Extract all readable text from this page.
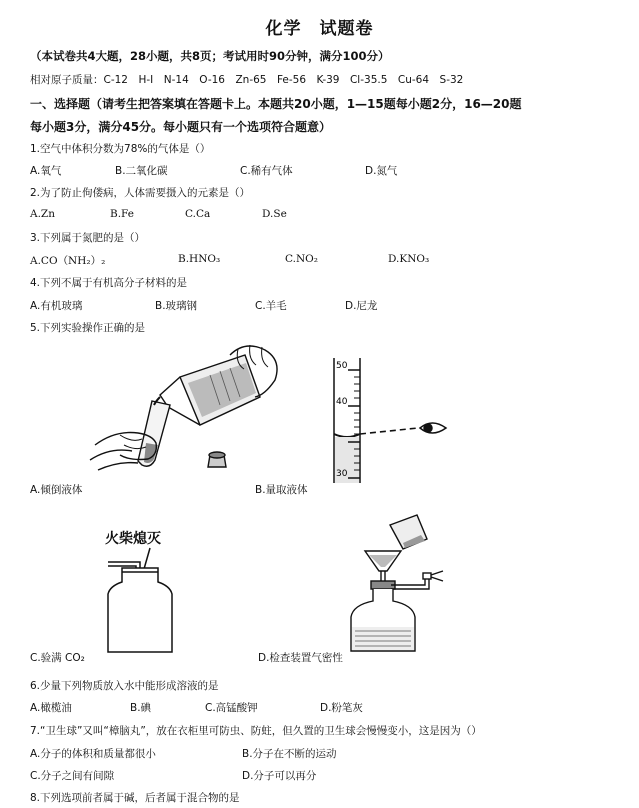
化学　试题卷
（本试卷共4大题，28小题，共8页；考试用时90分钟，满分100分）
相对原子质量：C-12　H-I　N-14　O-16　Zn-65　Fe-56　K-39　Cl-35.5　Cu-64　S-32
一、选择题（请考生把答案填在答题卡上。本题共20小题，1—15题每小题2分，16—20题
每小题3分，满分45分。每小题只有一个选项符合题意）
1.空气中体积分数为78%的气体是（）
A.氧气	B.二氧化碳	C.稀有气体	D.氮气
2.为了防止佝偻病，人体需要摄入的元素是（）
A.Zn	B.Fe	C.Ca	D.Se
3.下列属于氮肥的是（）
A.CO（NH₂）₂	B.HNO₃	C.NO₂	D.KNO₃
4.下列不属于有机高分子材料的是
A.有机玻璃	B.玻璃钢	C.羊毛	D.尼龙
5.下列实验操作正确的是
A.倾倒液体
50
40
30
B.量取液体
火柴熄灭
C.验满 CO₂	D.检查装置气密性
6.少量下列物质放入水中能形成溶液的是
A.橄榄油	B.碘	C.高锰酸钾	D.粉笔灰
7.“卫生球”又叫“樟脑丸”，放在衣柜里可防虫、防蛀，但久置的卫生球会慢慢变小，这是因为（）
A.分子的体积和质量都很小	B.分子在不断的运动
C.分子之间有间隙	D.分子可以再分
8.下列选项前者属于碱，后者属于混合物的是
